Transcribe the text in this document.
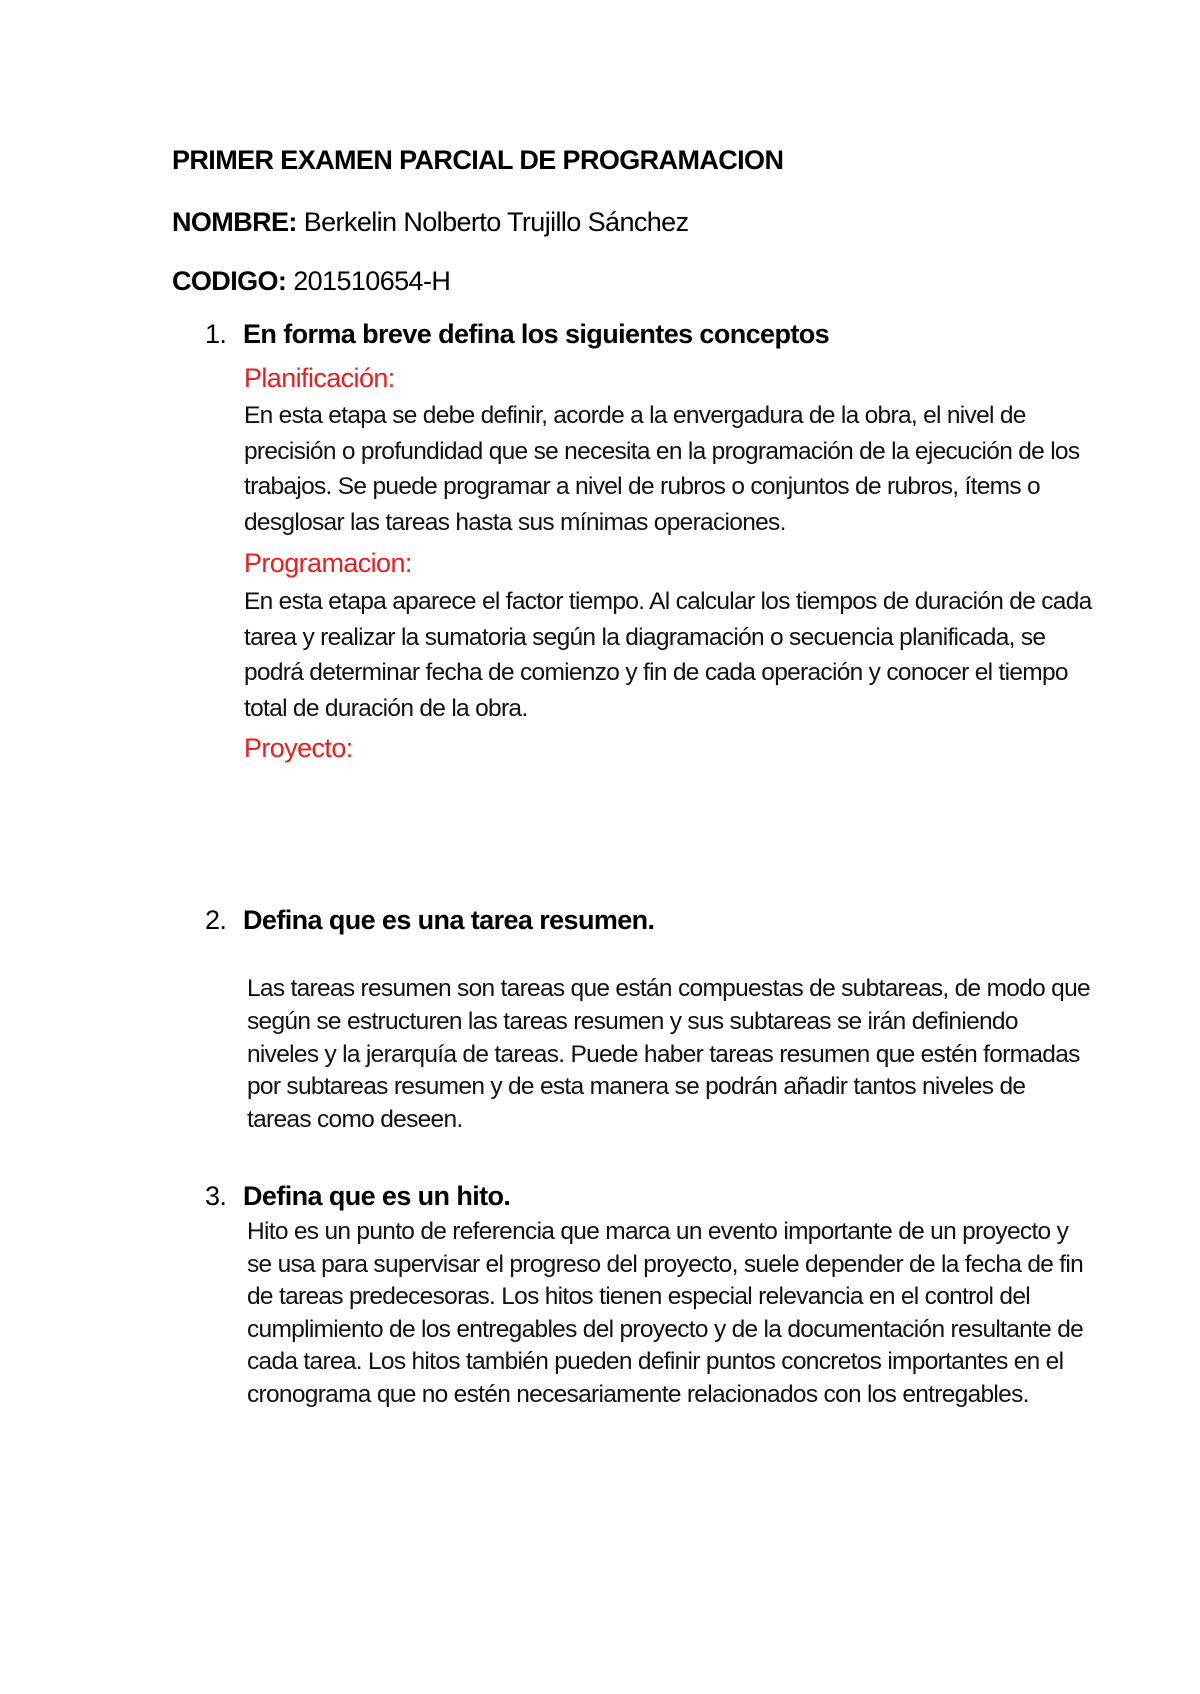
PRIMER EXAMEN PARCIAL DE PROGRAMACION
NOMBRE: Berkelin Nolberto Trujillo Sánchez
CODIGO: 201510654-H
1. En forma breve defina los siguientes conceptos
Planificación:
En esta etapa se debe definir, acorde a la envergadura de la obra, el nivel de
precisión o profundidad que se necesita en la programación de la ejecución de los
trabajos. Se puede programar a nivel de rubros o conjuntos de rubros, ítems o
desglosar las tareas hasta sus mínimas operaciones.
Programacion:
En esta etapa aparece el factor tiempo. Al calcular los tiempos de duración de cada
tarea y realizar la sumatoria según la diagramación o secuencia planificada, se
podrá determinar fecha de comienzo y fin de cada operación y conocer el tiempo
total de duración de la obra.
Proyecto:
2. Defina que es una tarea resumen.
Las tareas resumen son tareas que están compuestas de subtareas, de modo que
según se estructuren las tareas resumen y sus subtareas se irán definiendo
niveles y la jerarquía de tareas. Puede haber tareas resumen que estén formadas
por subtareas resumen y de esta manera se podrán añadir tantos niveles de
tareas como deseen.
3. Defina que es un hito.
Hito es un punto de referencia que marca un evento importante de un proyecto y
se usa para supervisar el progreso del proyecto, suele depender de la fecha de fin
de tareas predecesoras. Los hitos tienen especial relevancia en el control del
cumplimiento de los entregables del proyecto y de la documentación resultante de
cada tarea. Los hitos también pueden definir puntos concretos importantes en el
cronograma que no estén necesariamente relacionados con los entregables.
